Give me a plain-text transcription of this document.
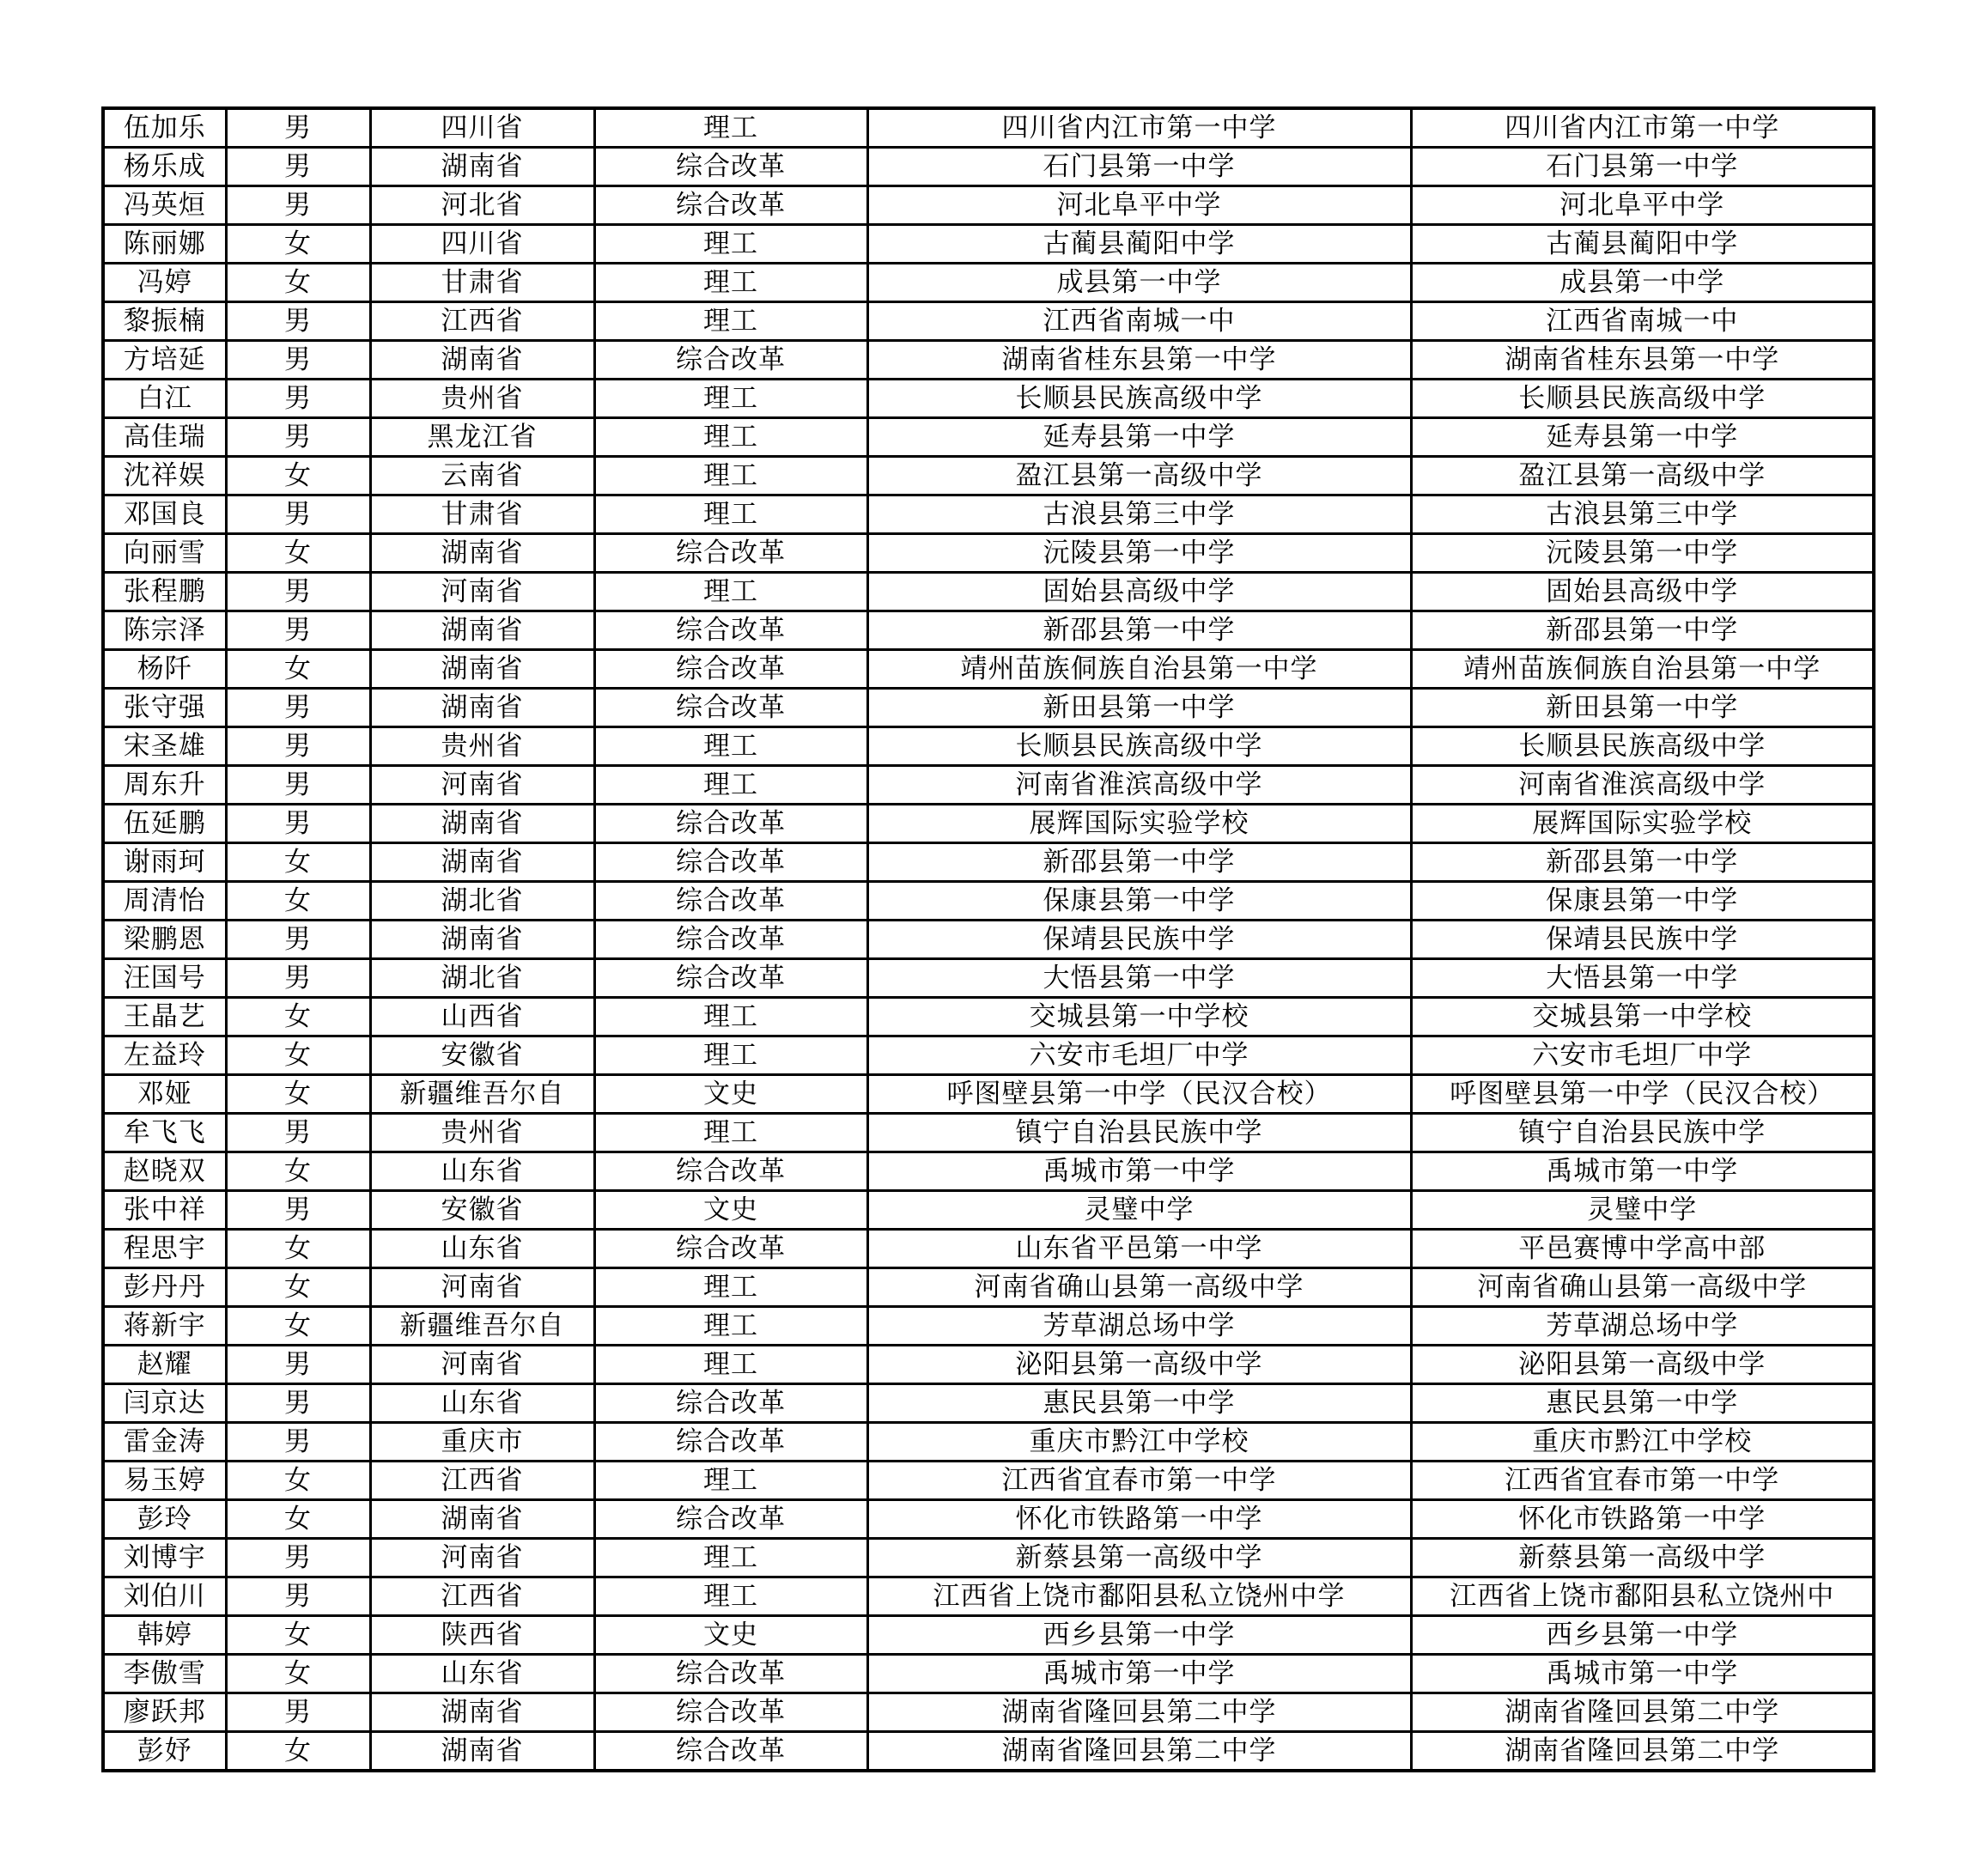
伍加乐	男	四川省	理工	四川省内江市第一中学	四川省内江市第一中学
杨乐成	男	湖南省	综合改革	石门县第一中学	石门县第一中学
冯英烜	男	河北省	综合改革	河北阜平中学	河北阜平中学
陈丽娜	女	四川省	理工	古蔺县蔺阳中学	古蔺县蔺阳中学
冯婷	女	甘肃省	理工	成县第一中学	成县第一中学
黎振楠	男	江西省	理工	江西省南城一中	江西省南城一中
方培延	男	湖南省	综合改革	湖南省桂东县第一中学	湖南省桂东县第一中学
白江	男	贵州省	理工	长顺县民族高级中学	长顺县民族高级中学
高佳瑞	男	黑龙江省	理工	延寿县第一中学	延寿县第一中学
沈祥娱	女	云南省	理工	盈江县第一高级中学	盈江县第一高级中学
邓国良	男	甘肃省	理工	古浪县第三中学	古浪县第三中学
向丽雪	女	湖南省	综合改革	沅陵县第一中学	沅陵县第一中学
张程鹏	男	河南省	理工	固始县高级中学	固始县高级中学
陈宗泽	男	湖南省	综合改革	新邵县第一中学	新邵县第一中学
杨阡	女	湖南省	综合改革	靖州苗族侗族自治县第一中学	靖州苗族侗族自治县第一中学
张守强	男	湖南省	综合改革	新田县第一中学	新田县第一中学
宋圣雄	男	贵州省	理工	长顺县民族高级中学	长顺县民族高级中学
周东升	男	河南省	理工	河南省淮滨高级中学	河南省淮滨高级中学
伍延鹏	男	湖南省	综合改革	展辉国际实验学校	展辉国际实验学校
谢雨珂	女	湖南省	综合改革	新邵县第一中学	新邵县第一中学
周清怡	女	湖北省	综合改革	保康县第一中学	保康县第一中学
梁鹏恩	男	湖南省	综合改革	保靖县民族中学	保靖县民族中学
汪国号	男	湖北省	综合改革	大悟县第一中学	大悟县第一中学
王晶艺	女	山西省	理工	交城县第一中学校	交城县第一中学校
左益玲	女	安徽省	理工	六安市毛坦厂中学	六安市毛坦厂中学
邓娅	女	新疆维吾尔自	文史	呼图壁县第一中学（民汉合校）	呼图壁县第一中学（民汉合校）
牟飞飞	男	贵州省	理工	镇宁自治县民族中学	镇宁自治县民族中学
赵晓双	女	山东省	综合改革	禹城市第一中学	禹城市第一中学
张中祥	男	安徽省	文史	灵璧中学	灵璧中学
程思宇	女	山东省	综合改革	山东省平邑第一中学	平邑赛博中学高中部
彭丹丹	女	河南省	理工	河南省确山县第一高级中学	河南省确山县第一高级中学
蒋新宇	女	新疆维吾尔自	理工	芳草湖总场中学	芳草湖总场中学
赵耀	男	河南省	理工	泌阳县第一高级中学	泌阳县第一高级中学
闫京达	男	山东省	综合改革	惠民县第一中学	惠民县第一中学
雷金涛	男	重庆市	综合改革	重庆市黔江中学校	重庆市黔江中学校
易玉婷	女	江西省	理工	江西省宜春市第一中学	江西省宜春市第一中学
彭玲	女	湖南省	综合改革	怀化市铁路第一中学	怀化市铁路第一中学
刘博宇	男	河南省	理工	新蔡县第一高级中学	新蔡县第一高级中学
刘伯川	男	江西省	理工	江西省上饶市鄱阳县私立饶州中学	江西省上饶市鄱阳县私立饶州中
韩婷	女	陕西省	文史	西乡县第一中学	西乡县第一中学
李傲雪	女	山东省	综合改革	禹城市第一中学	禹城市第一中学
廖跃邦	男	湖南省	综合改革	湖南省隆回县第二中学	湖南省隆回县第二中学
彭妤	女	湖南省	综合改革	湖南省隆回县第二中学	湖南省隆回县第二中学
